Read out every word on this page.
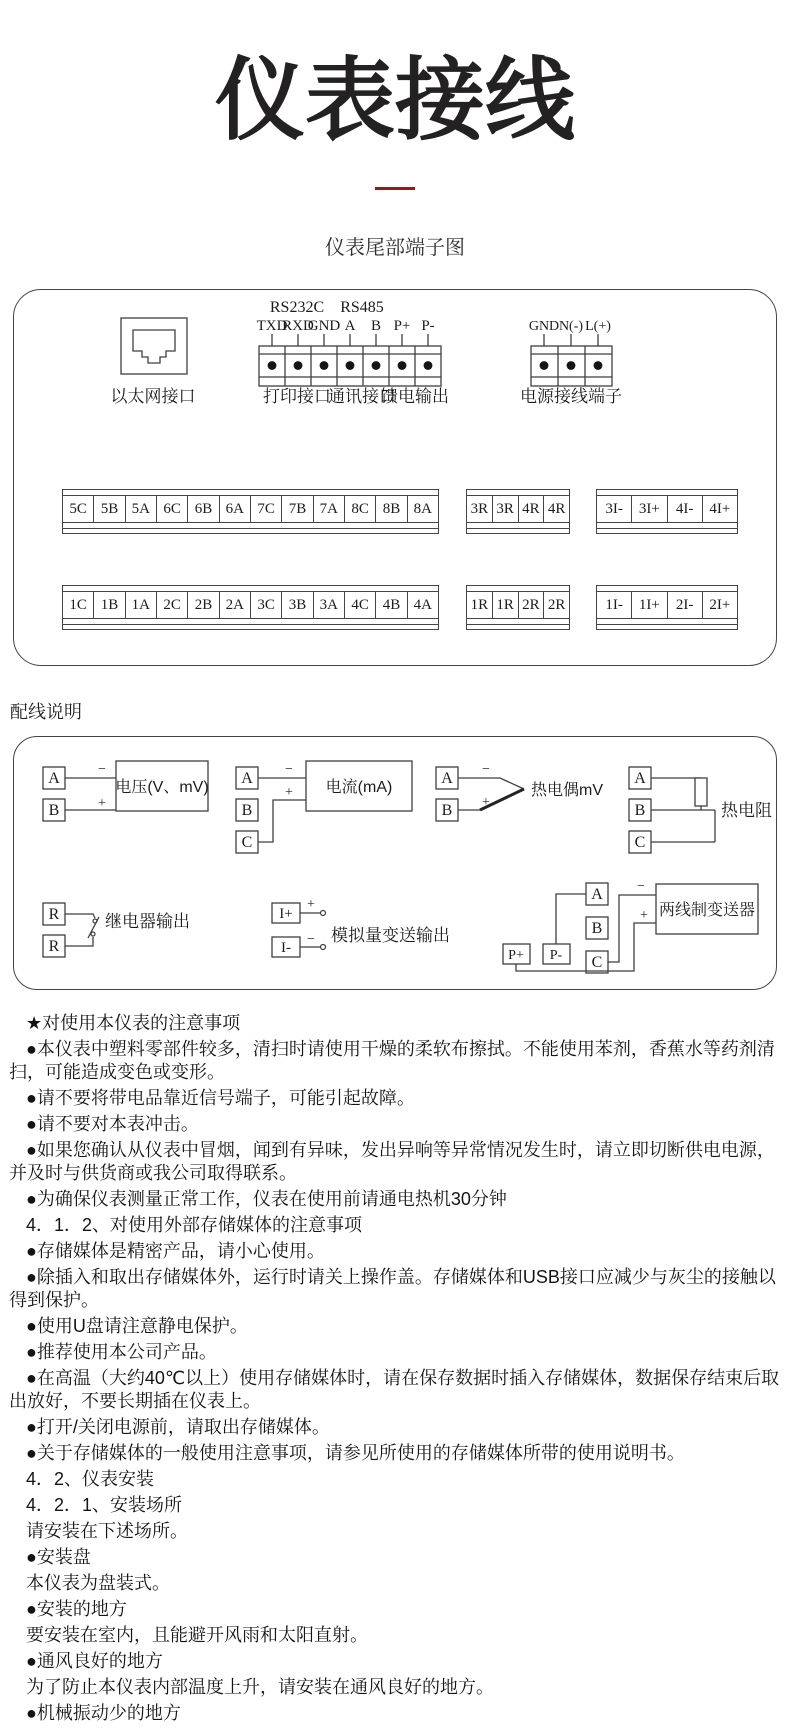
仪表接线
仪表尾部端子图
以太网接口
RS232C RS485
TXD
RXD
GND A B P+ P-
打印接口
通讯接口
馈电输出
GND N(-) L(+)
电源接线端子
5C 5B 5A 6C 6B 6A 7C 7B 7A 8C 8B 8A	3R 3R 4R 4R	3I-	3I+	4I-	4I+
1C 1B 1A 2C 2B 2A 3C 3B 3A 4C 4B 4A	1R 1R 2R 2R	1I-	1I+	2I-	2I+
配线说明
A
B
−
+
电压(V、mV)
A
B
C
−
+ 电流(mA)
A
B
−
+
热电偶mV
A
B
C
热电阻
R
R
继电器输出	I+
I-
+
− 模拟量变送输出
A
B
C
P+ P-
−
+ 两线制变送器

★对使用本仪表的注意事项

●本仪表中塑料零部件较多，清扫时请使用干燥的柔软布擦拭。不能使用苯剂，香蕉水等药剂清扫，可能造成变色或变形。

●请不要将带电品靠近信号端子，可能引起故障。

●请不要对本表冲击。

●如果您确认从仪表中冒烟，闻到有异味，发出异响等异常情况发生时，请立即切断供电电源，并及时与供货商或我公司取得联系。

●为确保仪表测量正常工作，仪表在使用前请通电热机30分钟

4．1．2、对使用外部存储媒体的注意事项

●存储媒体是精密产品，请小心使用。

●除插入和取出存储媒体外，运行时请关上操作盖。存储媒体和USB接口应减少与灰尘的接触以得到保护。

●使用U盘请注意静电保护。

●推荐使用本公司产品。

●在高温（大约40℃以上）使用存储媒体时，请在保存数据时插入存储媒体，数据保存结束后取出放好，不要长期插在仪表上。

●打开/关闭电源前，请取出存储媒体。

●关于存储媒体的一般使用注意事项，请参见所使用的存储媒体所带的使用说明书。

4．2、仪表安装

4．2．1、安装场所

请安装在下述场所。

●安装盘

本仪表为盘装式。

●安装的地方

要安装在室内，且能避开风雨和太阳直射。

●通风良好的地方

为了防止本仪表内部温度上升，请安装在通风良好的地方。

●机械振动少的地方
